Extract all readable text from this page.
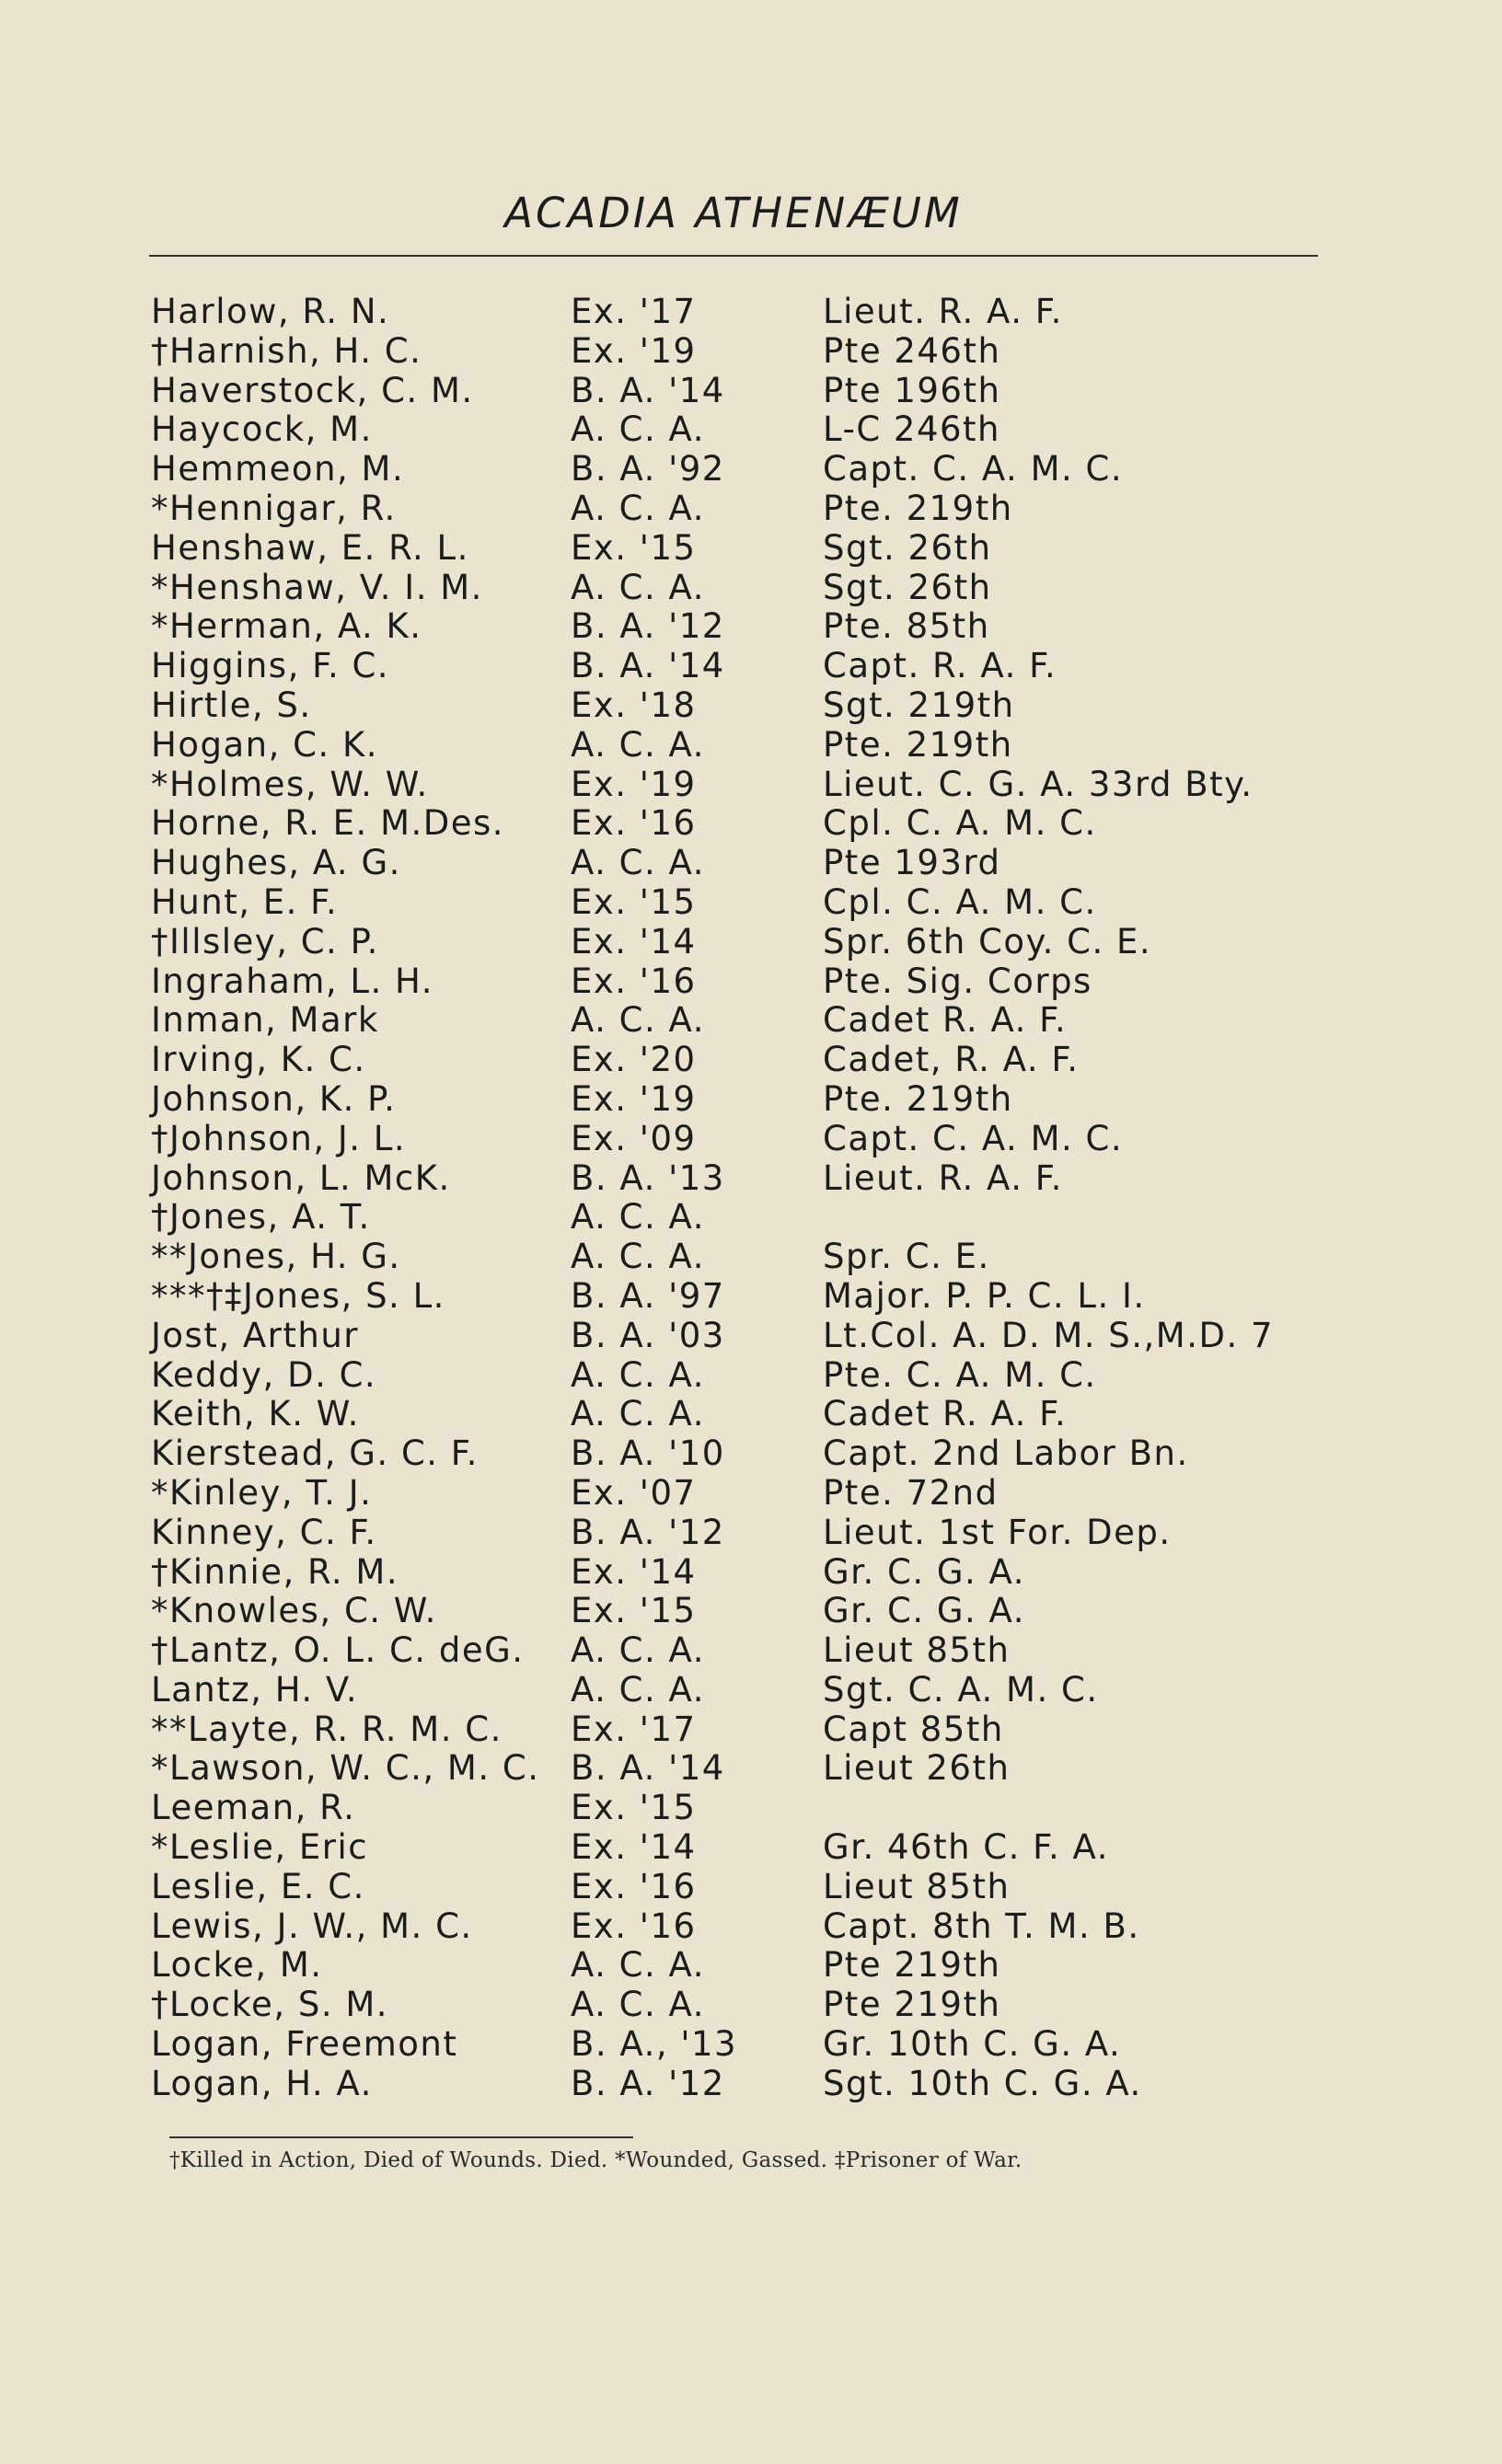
ACADIA ATHENÆUM
Harlow, R. N.	Ex. '17	Lieut. R. A. F.
†Harnish, H. C.	Ex. '19	Pte 246th
Haverstock, C. M.	B. A. '14	Pte 196th
Haycock, M.	A. C. A.	L-C 246th
Hemmeon, M.	B. A. '92	Capt. C. A. M. C.
*Hennigar, R.	A. C. A.	Pte. 219th
Henshaw, E. R. L.	Ex. '15	Sgt. 26th
*Henshaw, V. I. M.	A. C. A.	Sgt. 26th
*Herman, A. K.	B. A. '12	Pte. 85th
Higgins, F. C.	B. A. '14	Capt. R. A. F.
Hirtle, S.	Ex. '18	Sgt. 219th
Hogan, C. K.	A. C. A.	Pte. 219th
*Holmes, W. W.	Ex. '19	Lieut. C. G. A. 33rd Bty.
Horne, R. E. M.Des. Ex. '16	Cpl. C. A. M. C.
Hughes, A. G.	A. C. A.	Pte 193rd
Hunt, E. F.	Ex. '15	Cpl. C. A. M. C.
†Illsley, C. P.	Ex. '14	Spr. 6th Coy. C. E.
Ingraham, L. H.	Ex. '16	Pte. Sig. Corps
Inman, Mark	A. C. A.	Cadet R. A. F.
Irving, K. C.	Ex. '20	Cadet, R. A. F.
Johnson, K. P.	Ex. '19	Pte. 219th
†Johnson, J. L.	Ex. '09	Capt. C. A. M. C.
Johnson, L. McK.	B. A. '13	Lieut. R. A. F.
†Jones, A. T.	A. C. A.
**Jones, H. G.	A. C. A.	Spr. C. E.
***†‡Jones, S. L.	B. A. '97	Major. P. P. C. L. I.
Jost, Arthur	B. A. '03	Lt.Col. A. D. M. S.,M.D. 7
Keddy, D. C.	A. C. A.	Pte. C. A. M. C.
Keith, K. W.	A. C. A.	Cadet R. A. F.
Kierstead, G. C. F.	B. A. '10	Capt. 2nd Labor Bn.
*Kinley, T. J.	Ex. '07	Pte. 72nd
Kinney, C. F.	B. A. '12	Lieut. 1st For. Dep.
†Kinnie, R. M.	Ex. '14	Gr. C. G. A.
*Knowles, C. W.	Ex. '15	Gr. C. G. A.
†Lantz, O. L. C. deG. A. C. A.	Lieut 85th
Lantz, H. V.	A. C. A.	Sgt. C. A. M. C.
**Layte, R. R. M. C. Ex. '17	Capt 85th
*Lawson, W. C., M. C. B. A. '14	Lieut 26th
Leeman, R.	Ex. '15
*Leslie, Eric	Ex. '14	Gr. 46th C. F. A.
Leslie, E. C.	Ex. '16	Lieut 85th
Lewis, J. W., M. C.	Ex. '16	Capt. 8th T. M. B.
Locke, M.	A. C. A.	Pte 219th
†Locke, S. M.	A. C. A.	Pte 219th
Logan, Freemont	B. A., '13	Gr. 10th C. G. A.
Logan, H. A.	B. A. '12	Sgt. 10th C. G. A.
†Killed in Action, Died of Wounds. Died. *Wounded, Gassed. ‡Prisoner of War.
